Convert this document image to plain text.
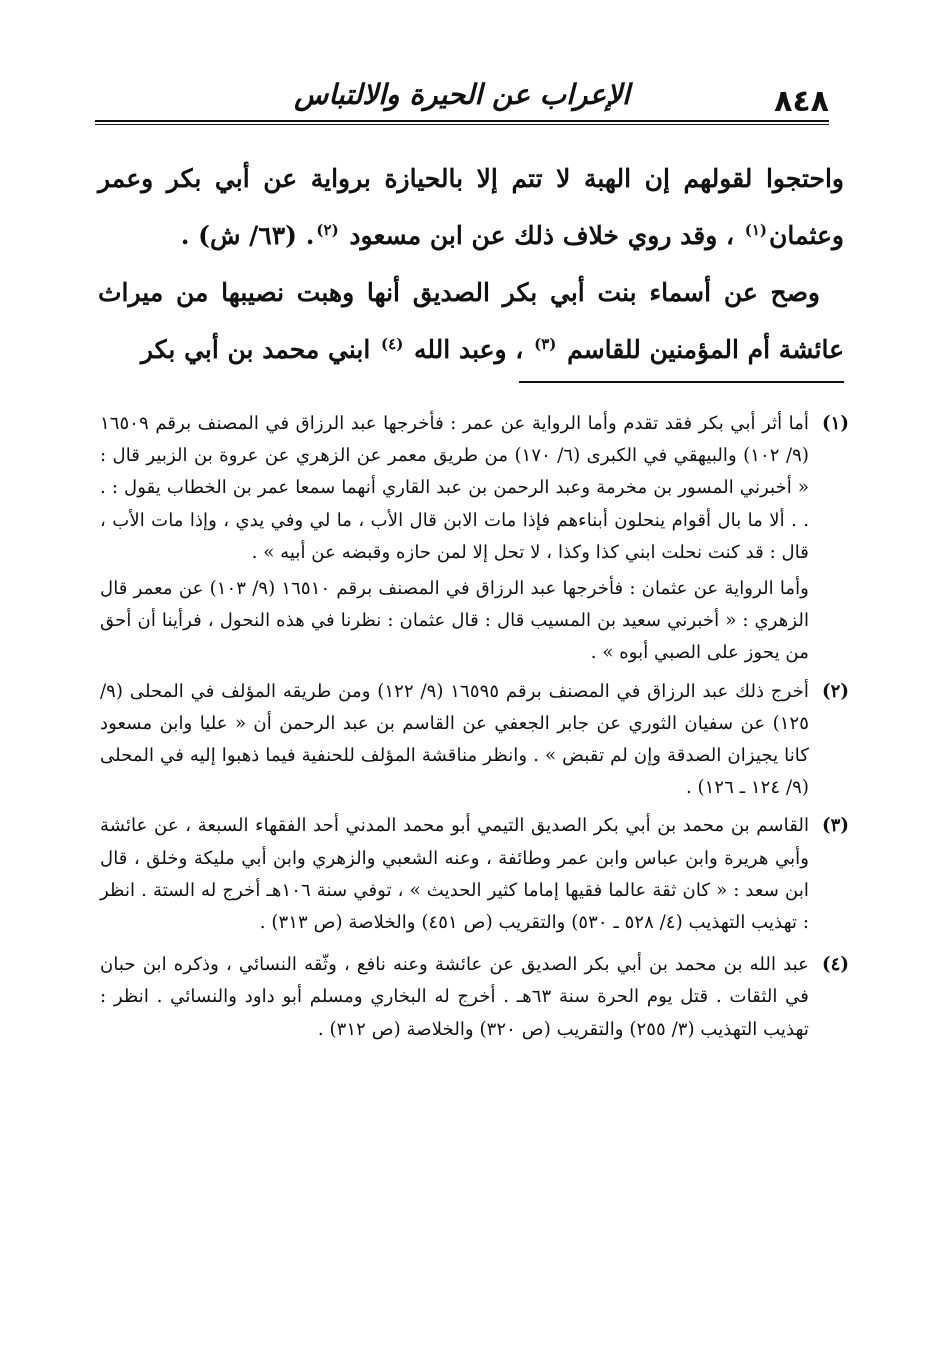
٨٤٨
الإعراب عن الحيرة والالتباس

واحتجوا لقولهم إن الهبة لا تتم إلا بالحيازة برواية عن أبي بكر وعمر وعثمان$^{(١)}$ ، وقد روي خلاف ذلك عن ابن مسعود $^{(٢)}$. (٦٣/ ش) .

وصح عن أسماء بنت أبي بكر الصديق أنها وهبت نصيبها من ميراث عائشة أم المؤمنين للقاسم $^{(٣)}$ ، وعبد الله $^{(٤)}$ ابني محمد بن أبي بكر

(١)

أما أثر أبي بكر فقد تقدم وأما الرواية عن عمر : فأخرجها عبد الرزاق في المصنف برقم ١٦٥٠٩ (٩/ ١٠٢) والبيهقي في الكبرى (٦/ ١٧٠) من طريق معمر عن الزهري عن عروة بن الزبير قال : « أخبرني المسور بن مخرمة وعبد الرحمن بن عبد القاري أنهما سمعا عمر بن الخطاب يقول : . . . ألا ما بال أقوام ينحلون أبناءهم فإذا مات الابن قال الأب ، ما لي وفي يدي ، وإذا مات الأب ، قال : قد كنت نحلت ابني كذا وكذا ، لا تحل إلا لمن حازه وقبضه عن أبيه » .

وأما الرواية عن عثمان : فأخرجها عبد الرزاق في المصنف برقم ١٦٥١٠ (٩/ ١٠٣) عن معمر قال الزهري : « أخبرني سعيد بن المسيب قال : قال عثمان : نظرنا في هذه النحول ، فرأينا أن أحق من يحوز على الصبي أبوه » .

(٢)

أخرج ذلك عبد الرزاق في المصنف برقم ١٦٥٩٥ (٩/ ١٢٢) ومن طريقه المؤلف في المحلى (٩/ ١٢٥) عن سفيان الثوري عن جابر الجعفي عن القاسم بن عبد الرحمن أن « عليا وابن مسعود كانا يجيزان الصدقة وإن لم تقبض » . وانظر مناقشة المؤلف للحنفية فيما ذهبوا إليه في المحلى (٩/ ١٢٤ ـ ١٢٦) .

(٣)

القاسم بن محمد بن أبي بكر الصديق التيمي أبو محمد المدني أحد الفقهاء السبعة ، عن عائشة وأبي هريرة وابن عباس وابن عمر وطائفة ، وعنه الشعبي والزهري وابن أبي مليكة وخلق ، قال ابن سعد : « كان ثقة عالما فقيها إماما كثير الحديث » ، توفي سنة ١٠٦هـ أخرج له الستة . انظر : تهذيب التهذيب (٤/ ٥٢٨ ـ ٥٣٠) والتقريب (ص ٤٥١) والخلاصة (ص ٣١٣) .

(٤)

عبد الله بن محمد بن أبي بكر الصديق عن عائشة وعنه نافع ، وثّقه النسائي ، وذكره ابن حبان في الثقات . قتل يوم الحرة سنة ٦٣هـ . أخرج له البخاري ومسلم أبو داود والنسائي . انظر : تهذيب التهذيب (٣/ ٢٥٥) والتقريب (ص ٣٢٠) والخلاصة (ص ٣١٢) .
